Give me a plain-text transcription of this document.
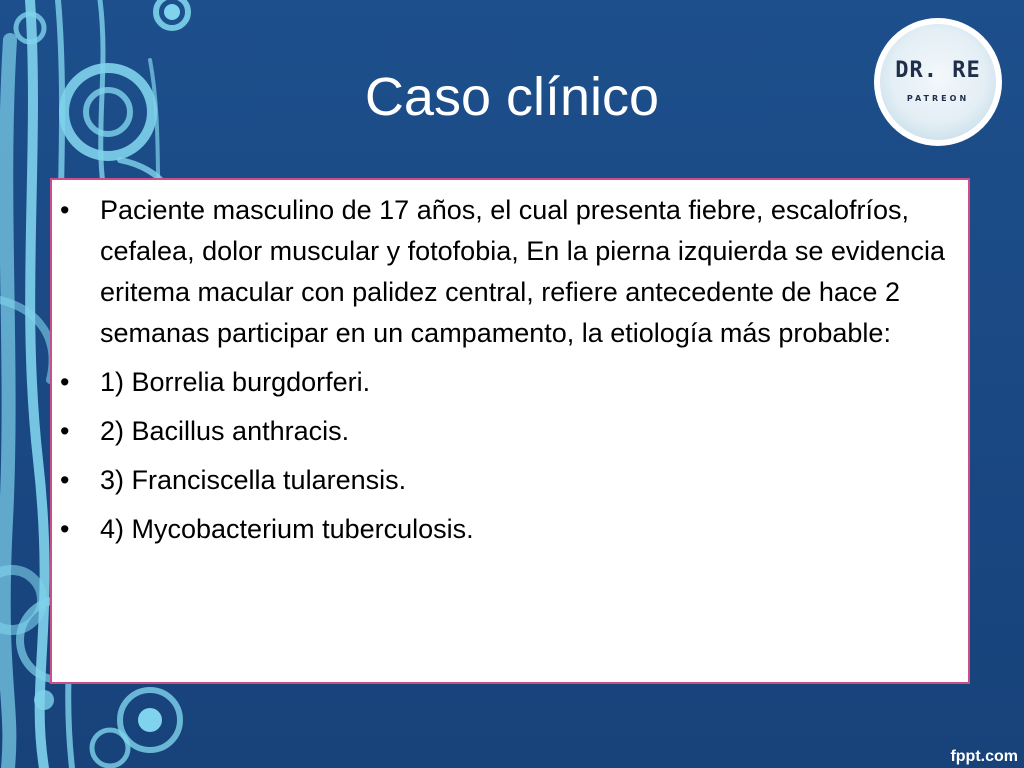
Caso clínico	DR. RE
PATREON
• Paciente masculino de 17 años, el cual presenta fiebre, escalofríos, cefalea, dolor muscular y fotofobia, En la pierna izquierda se evidencia eritema macular con palidez central, refiere antecedente de hace 2 semanas participar en un campamento, la etiología más probable:
• 1) Borrelia burgdorferi.
• 2) Bacillus anthracis.
• 3) Franciscella tularensis.
• 4) Mycobacterium tuberculosis.
fppt.com
